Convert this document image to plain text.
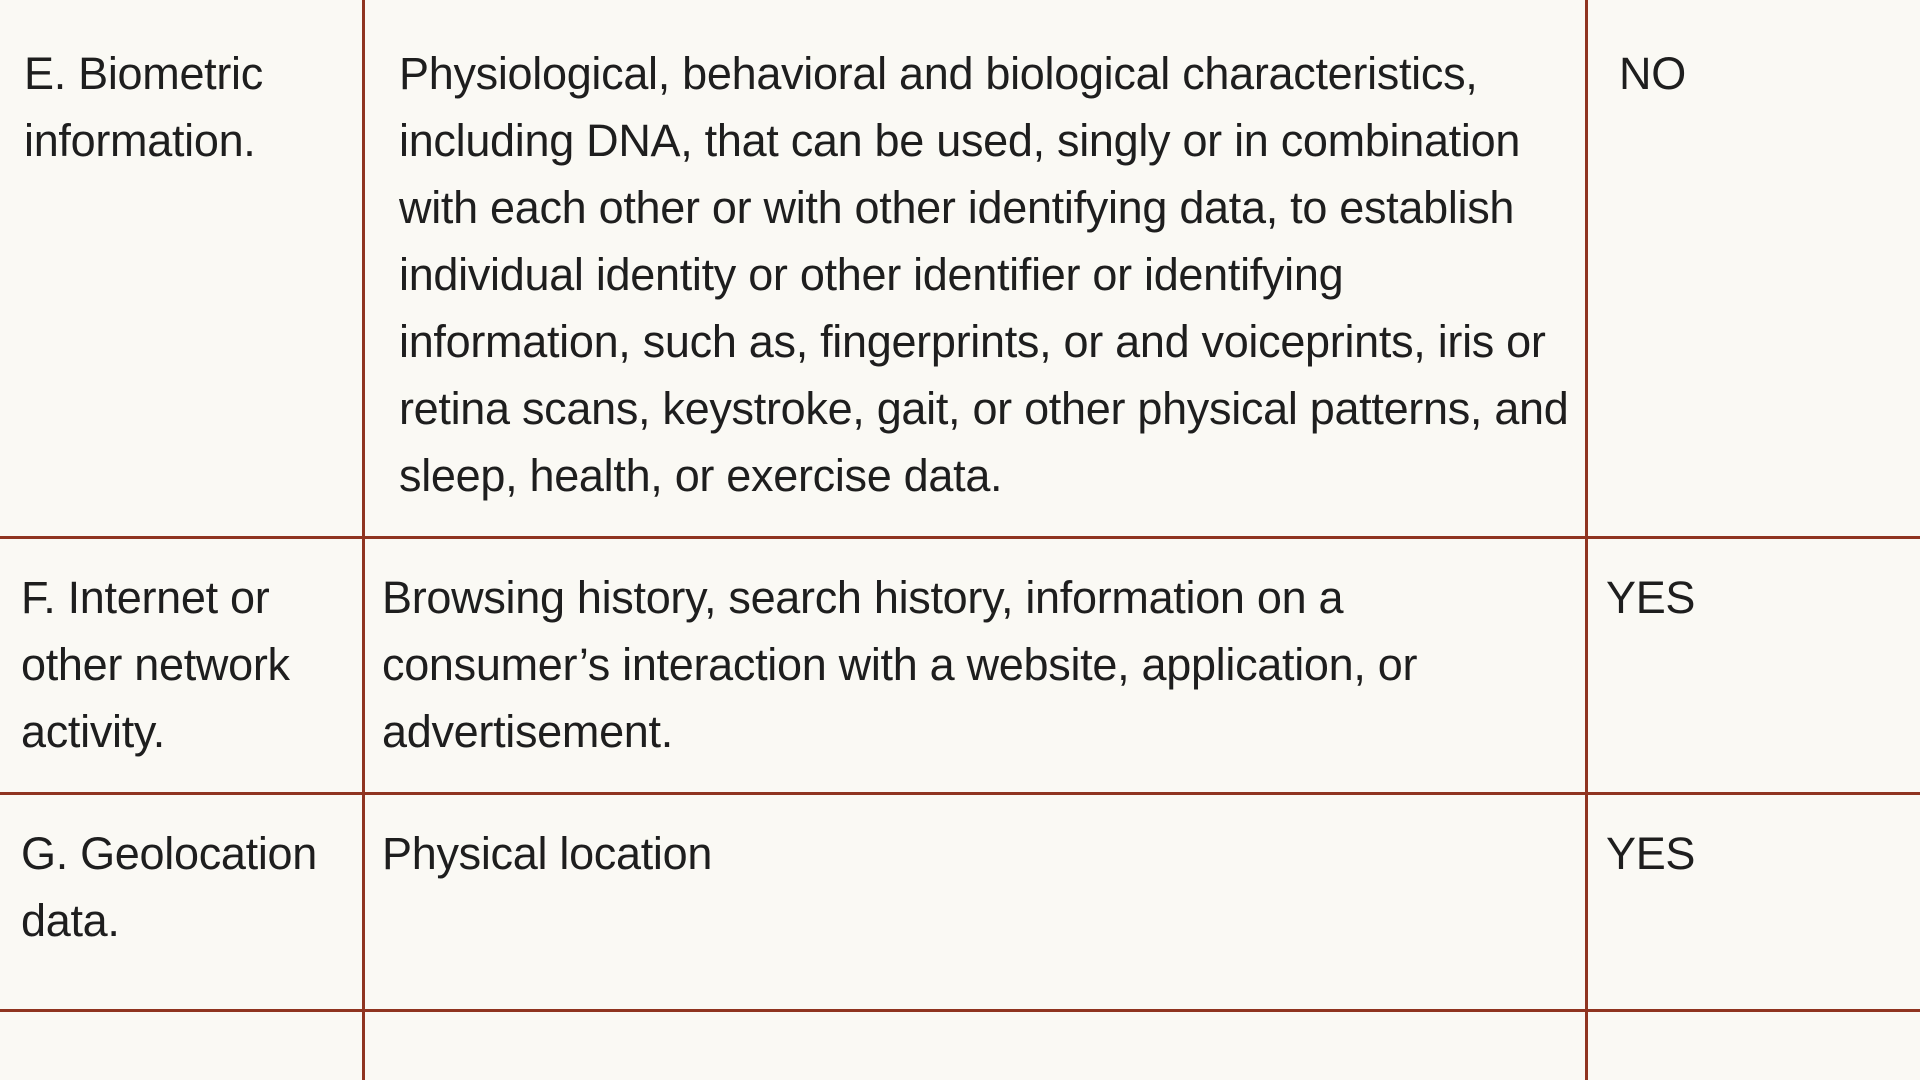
E. Biometric
information.
Physiological, behavioral and biological characteristics,
including DNA, that can be used, singly or in combination
with each other or with other identifying data, to establish
individual identity or other identifier or identifying
information, such as, fingerprints, or and voiceprints, iris or
retina scans, keystroke, gait, or other physical patterns, and
sleep, health, or exercise data.
NO
F. Internet or
other network
activity.
Browsing history, search history, information on a
consumer’s interaction with a website, application, or
advertisement.
YES
G. Geolocation
data.
Physical location	YES
